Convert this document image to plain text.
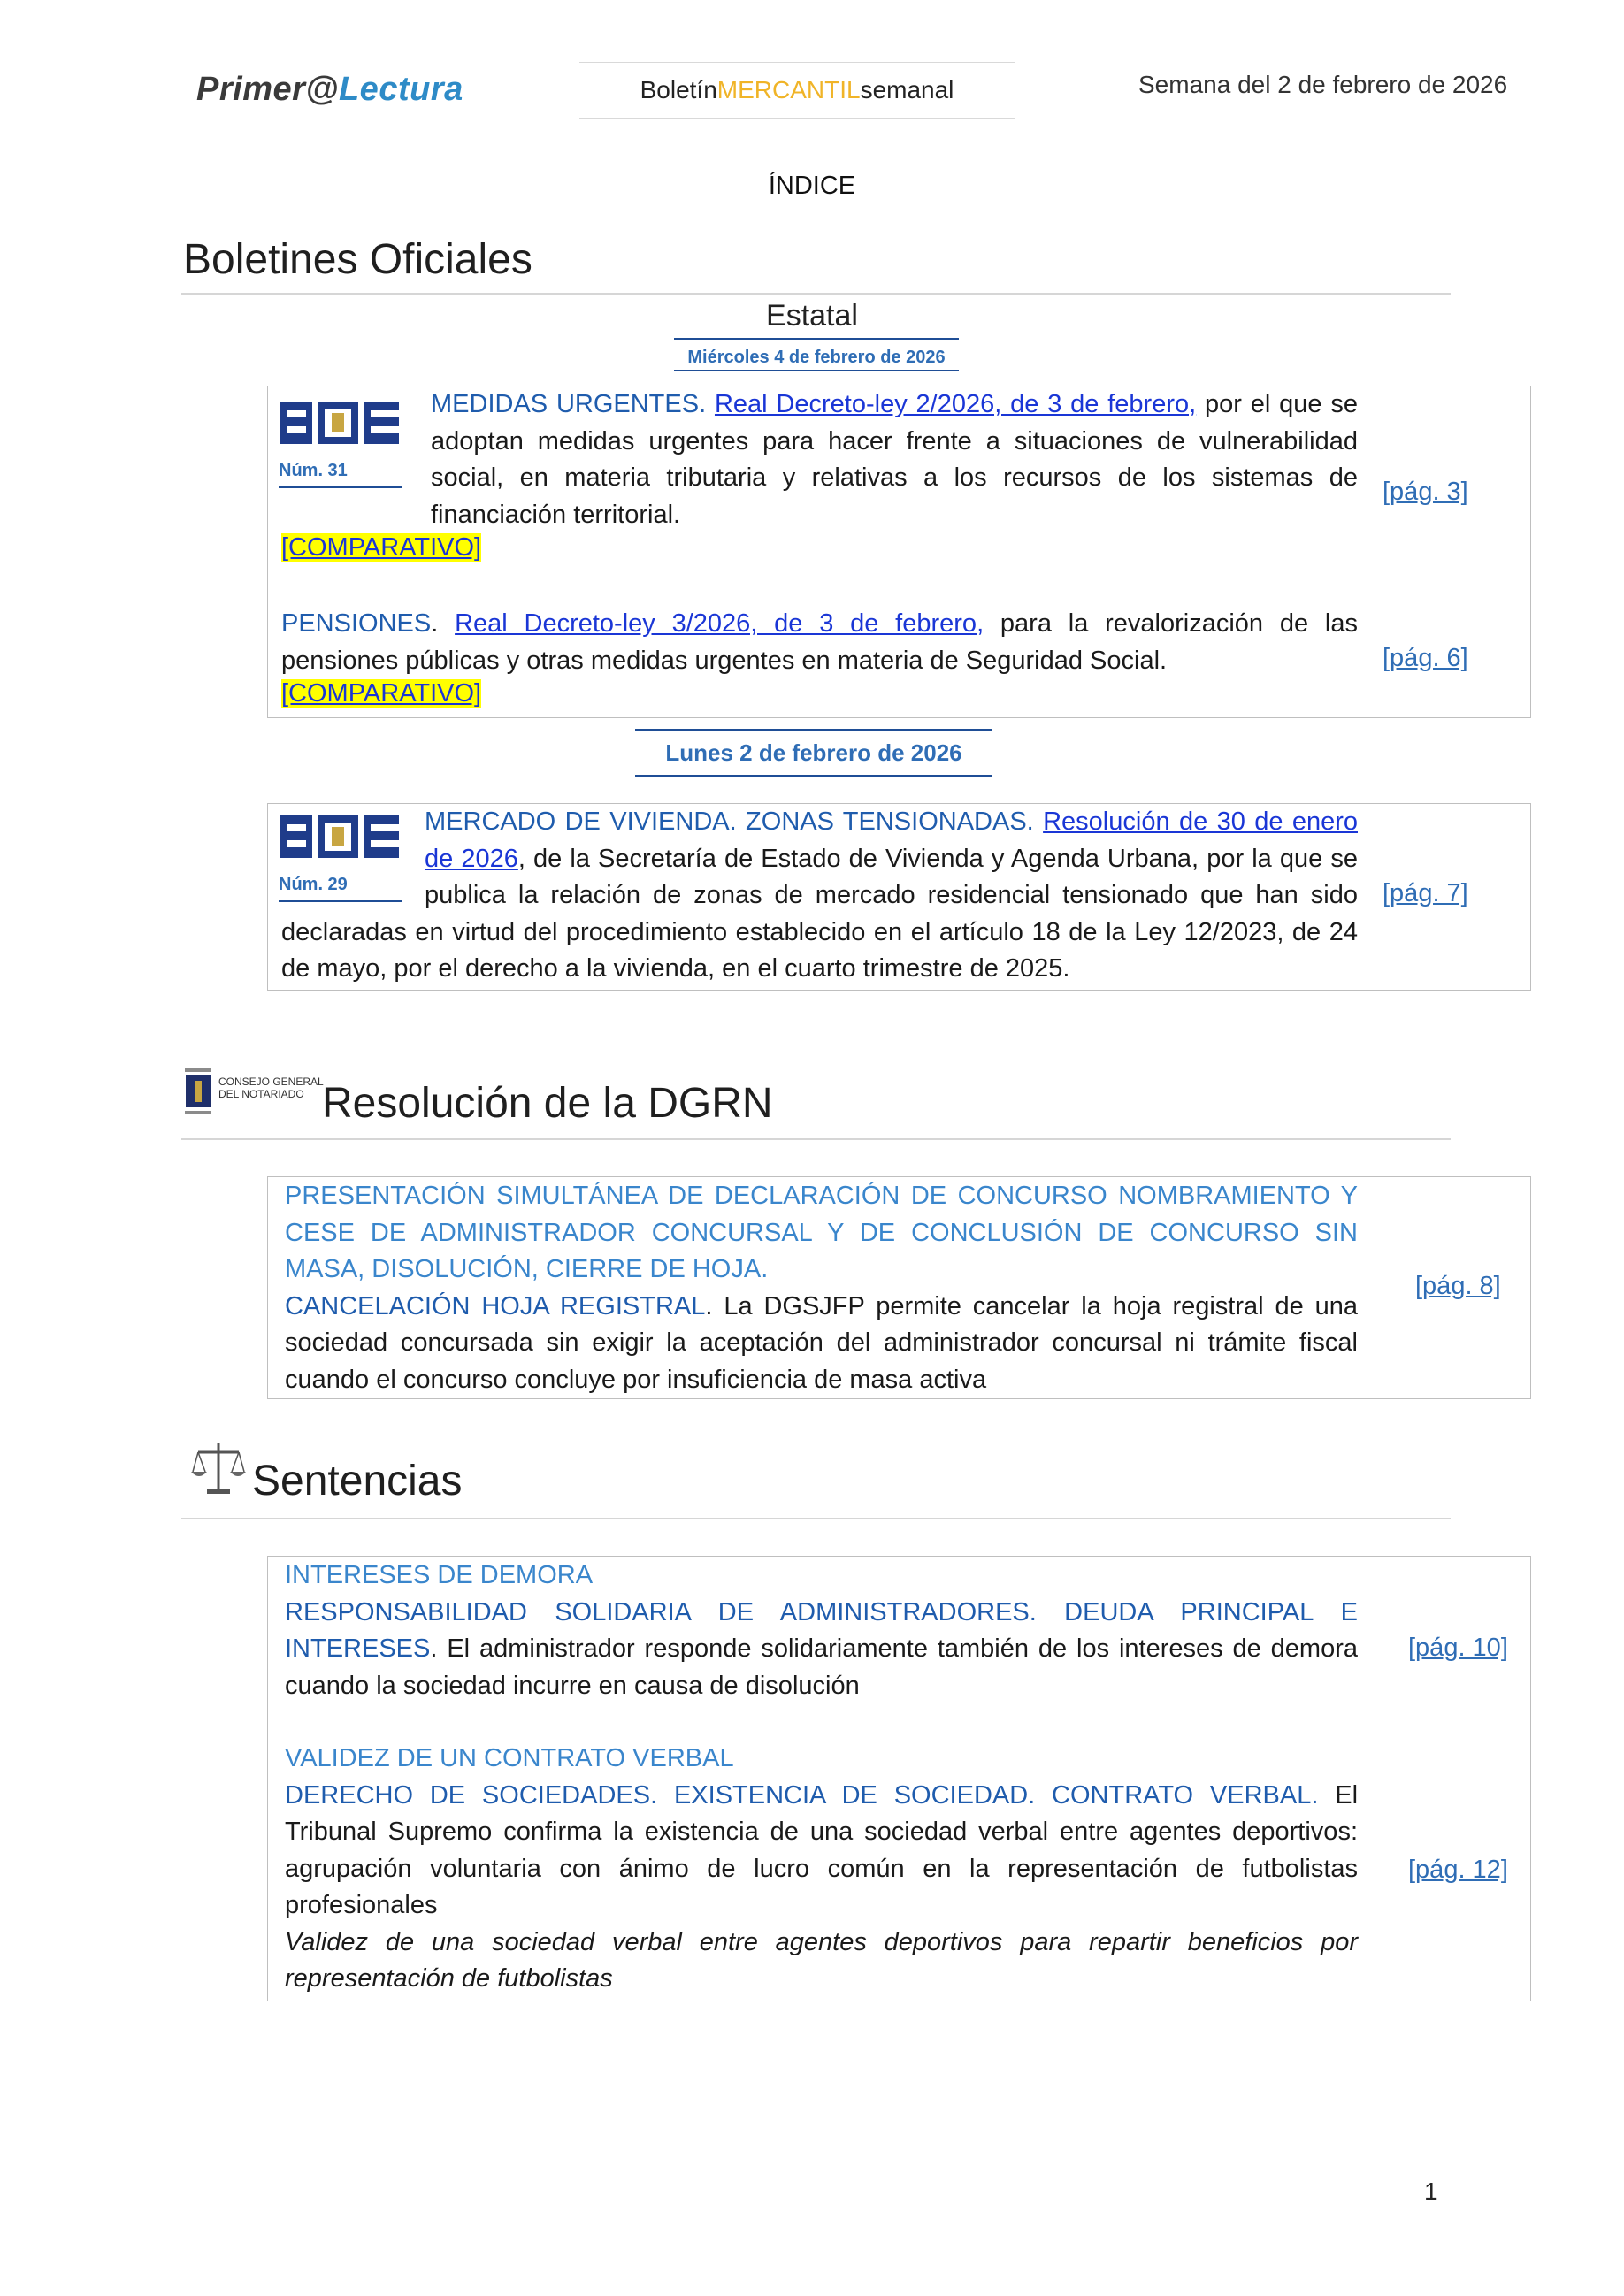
Primer@Lectura	Boletín MERCANTIL semanal	Semana del 2 de febrero de 2026
ÍNDICE
Boletines Oficiales
Estatal
Miércoles 4 de febrero de 2026
Núm. 31
MEDIDAS URGENTES. Real Decreto-ley 2/2026, de 3 de febrero, por el que se adoptan medidas urgentes para hacer frente a situaciones de vulnerabilidad social, en materia tributaria y relativas a los recursos de los sistemas de financiación territorial.
[COMPARATIVO]
[pág. 3]
PENSIONES. Real Decreto-ley 3/2026, de 3 de febrero, para la revalorización de las pensiones públicas y otras medidas urgentes en materia de Seguridad Social.
[COMPARATIVO]
[pág. 6]
Lunes 2 de febrero de 2026
Núm. 29
MERCADO DE VIVIENDA. ZONAS TENSIONADAS. Resolución de 30 de enero de 2026, de la Secretaría de Estado de Vivienda y Agenda Urbana, por la que se publica la relación de zonas de mercado residencial tensionado que han sido declaradas en virtud del procedimiento establecido en el artículo 18 de la Ley 12/2023, de 24 de mayo, por el derecho a la vivienda, en el cuarto trimestre de 2025.
[pág. 7]
CONSEJO GENERAL
DEL NOTARIADO Resolución de la DGRN
PRESENTACIÓN SIMULTÁNEA DE DECLARACIÓN DE CONCURSO NOMBRAMIENTO Y CESE DE ADMINISTRADOR CONCURSAL Y DE CONCLUSIÓN DE CONCURSO SIN MASA, DISOLUCIÓN, CIERRE DE HOJA.
CANCELACIÓN HOJA REGISTRAL. La DGSJFP permite cancelar la hoja registral de una sociedad concursada sin exigir la aceptación del administrador concursal ni trámite fiscal cuando el concurso concluye por insuficiencia de masa activa
[pág. 8]
Sentencias
INTERESES DE DEMORA
RESPONSABILIDAD SOLIDARIA DE ADMINISTRADORES. DEUDA PRINCIPAL E INTERESES. El administrador responde solidariamente también de los intereses de demora cuando la sociedad incurre en causa de disolución
[pág. 10]
VALIDEZ DE UN CONTRATO VERBAL
DERECHO DE SOCIEDADES. EXISTENCIA DE SOCIEDAD. CONTRATO VERBAL. El Tribunal Supremo confirma la existencia de una sociedad verbal entre agentes deportivos: agrupación voluntaria con ánimo de lucro común en la representación de futbolistas profesionales
Validez de una sociedad verbal entre agentes deportivos para repartir beneficios por representación de futbolistas
[pág. 12]
1
